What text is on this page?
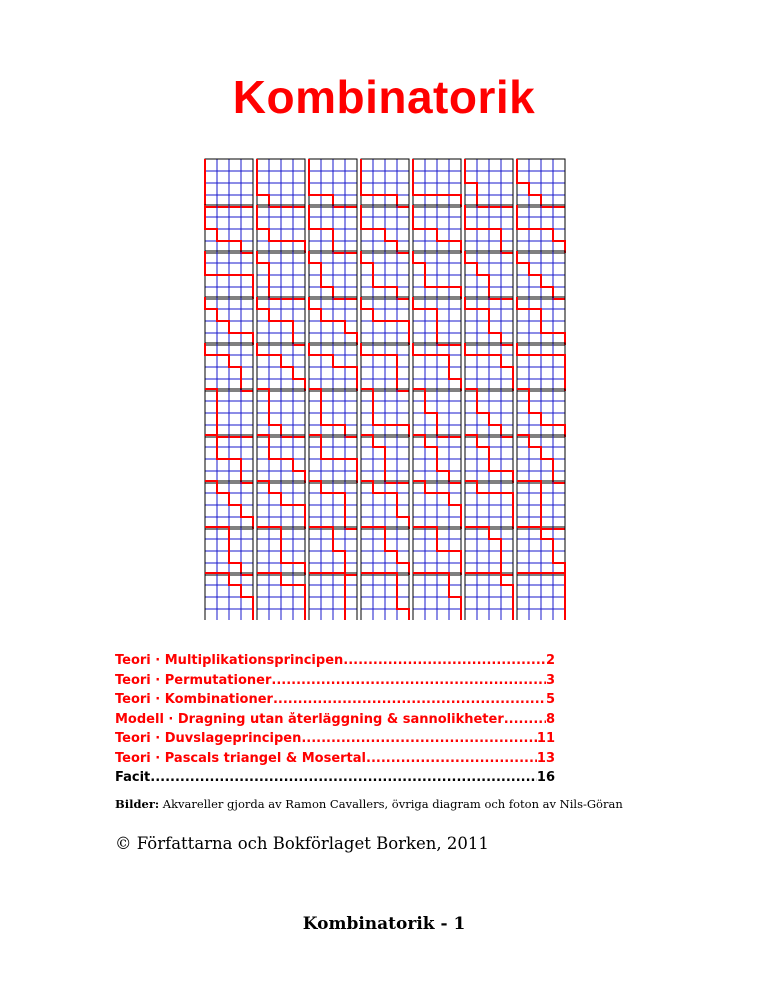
Kombinatorik
Teori · Multiplikationsprincipen .....	2
Teori · Permutationer .....	3
Teori · Kombinationer .....	5
Modell · Dragning utan återläggning & sannolikheter .....	8
Teori · Duvslageprincipen .....	11
Teori · Pascals triangel & Mosertal .....	13
Facit .....	16
Bilder: Akvareller gjorda av Ramon Cavallers, övriga diagram och foton av Nils-Göran
© Författarna och Bokförlaget Borken, 2011
Kombinatorik - 1
